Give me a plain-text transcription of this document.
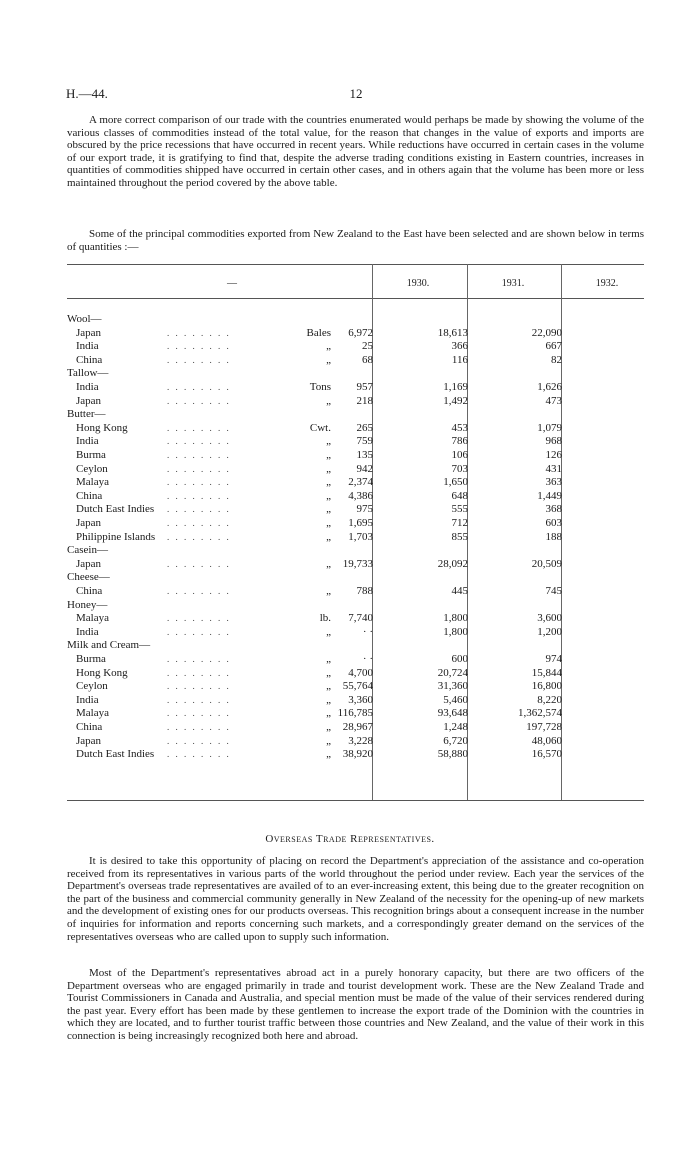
H.—44.	12

A more correct comparison of our trade with the countries enumerated would perhaps be made by showing the volume of the various classes of commodities instead of the total value, for the reason that changes in the value of exports and imports are obscured by the price recessions that have occurred in recent years. While reductions have occurred in certain cases in the volume of our export trade, it is gratifying to find that, despite the adverse trading conditions existing in Eastern countries, increases in quantities of commodities shipped have occurred in certain other cases, and in others again that the volume has been more or less maintained throughout the period covered by the above table.

Some of the principal commodities exported from New Zealand to the East have been selected and are shown below in terms of quantities :—

—	1930.	1931.	1932.
Wool—
Japan	. . . . . . . .	Bales	6,972	18,613	22,090
India	. . . . . . . .	„	25	366	667
China	. . . . . . . .	„	68	116	82
Tallow—
India	. . . . . . . .	Tons	957	1,169	1,626
Japan	. . . . . . . .	„	218	1,492	473
Butter—
Hong Kong	. . . . . . . .	Cwt.	265	453	1,079
India	. . . . . . . .	„	759	786	968
Burma	. . . . . . . .	„	135	106	126
Ceylon	. . . . . . . .	„	942	703	431
Malaya	. . . . . . . .	„	2,374	1,650	363
China	. . . . . . . .	„	4,386	648	1,449
Dutch East Indies . . . . . . . .	„	975	555	368
Japan	. . . . . . . .	„	1,695	712	603
Philippine Islands . . . . . . . .	„	1,703	855	188
Casein—
Japan	. . . . . . . .	„	19,733	28,092	20,509
Cheese—
China	. . . . . . . .	„	788	445	745
Honey—
Malaya	. . . . . . . .	lb.	7,740	1,800	3,600
India	. . . . . . . .	„	· ·	1,800	1,200
Milk and Cream—
Burma	. . . . . . . .	„	· ·	600	974
Hong Kong	. . . . . . . .	„	4,700	20,724	15,844
Ceylon	. . . . . . . .	„	55,764	31,360	16,800
India	. . . . . . . .	„	3,360	5,460	8,220
Malaya	. . . . . . . .	„ 116,785	93,648	1,362,574
China	. . . . . . . .	„	28,967	1,248	197,728
Japan	. . . . . . . .	„	3,228	6,720	48,060
Dutch East Indies . . . . . . . .	„	38,920	58,880	16,570
Overseas Trade Representatives.

It is desired to take this opportunity of placing on record the Department's appreciation of the assistance and co-operation received from its representatives in various parts of the world throughout the period under review. Each year the services of the Department's overseas trade representatives are availed of to an ever-increasing extent, this being due to the greater recognition on the part of the business and commercial community generally in New Zealand of the necessity for the opening-up of new markets and the development of existing ones for our products overseas. This recognition brings about a consequent increase in the number of inquiries for information and reports concerning such markets, and a correspondingly greater demand on the services of the representatives overseas who are called upon to supply such information.

Most of the Department's representatives abroad act in a purely honorary capacity, but there are two officers of the Department overseas who are engaged primarily in trade and tourist development work. These are the New Zealand Trade and Tourist Commissioners in Canada and Australia, and special mention must be made of the value of their services rendered during the past year. Every effort has been made by these gentlemen to increase the export trade of the Dominion with the countries in which they are located, and to further tourist traffic between those countries and New Zealand, and the value of their work in this connection is being increasingly recognized both here and abroad.
